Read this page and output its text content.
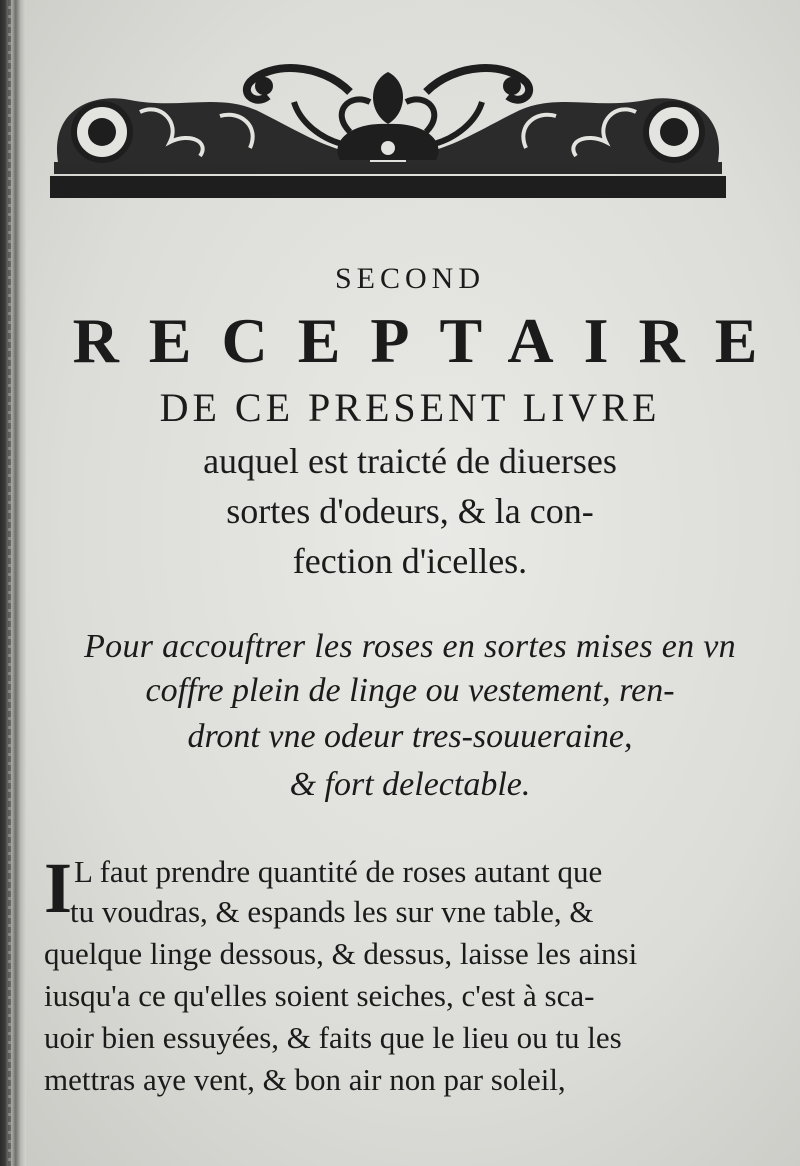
SECOND
RECEPTAIRE
DE CE PRESENT LIVRE
auquel est traicté de diuerses
sortes d'odeurs, & la con-
fection d'icelles.
Pour accouftrer les roses en sortes mises en vn
coffre plein de linge ou vestement, ren-
dront vne odeur tres-souueraine,
& fort delectable.
IL faut prendre quantité de roses autant que
tu voudras, & espands les sur vne table, &
quelque linge dessous, & dessus, laisse les ainsi
iusqu'a ce qu'elles soient seiches, c'est à sca-
uoir bien essuyées, & faits que le lieu ou tu les
mettras aye vent, & bon air non par soleil,
